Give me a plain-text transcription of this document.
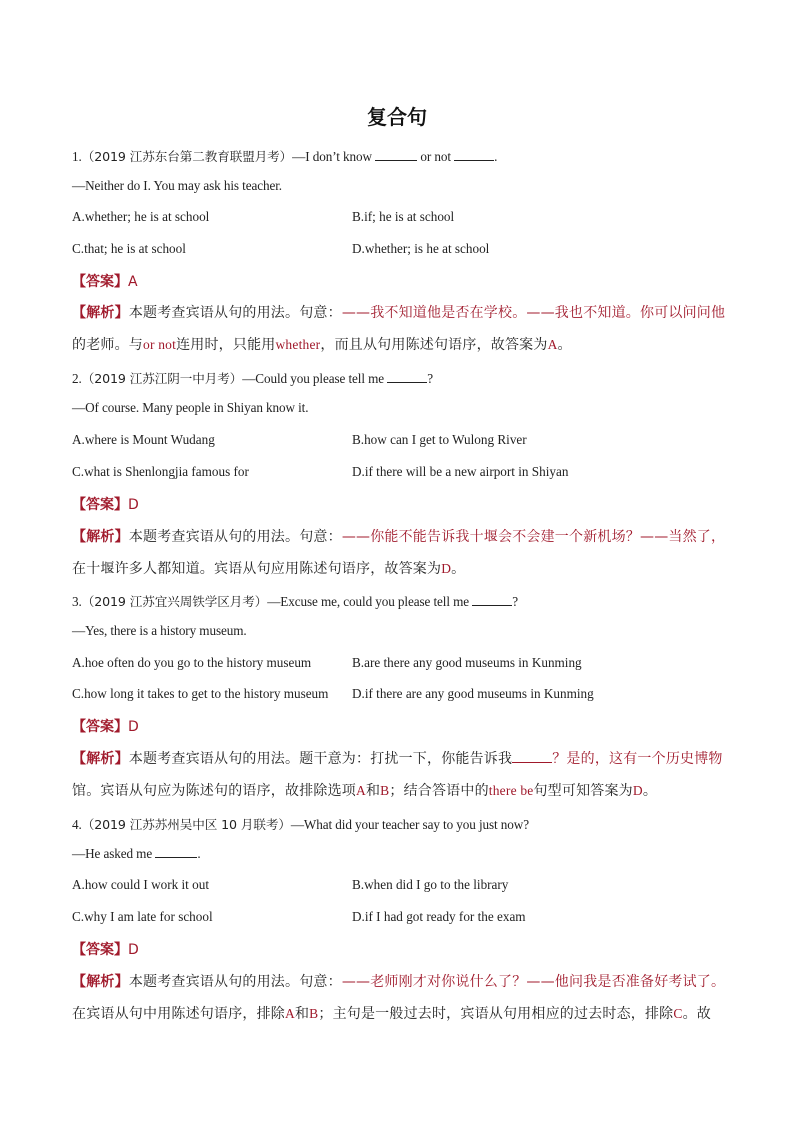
复合句
1.（2019 江苏东台第二教育联盟月考）—I don’t know	or not	.
—Neither do I. You may ask his teacher.
A.whether; he is at school	B.if; he is at school
C.that; he is at school	D.whether; is he at school
【答案】A
【解析】本题考查宾语从句的用法。句意：——我不知道他是否在学校。——我也不知道。你可以问问他
的老师。与or not连用时，只能用whether，而且从句用陈述句语序，故答案为A。
2.（2019 江苏江阴一中月考）—Could you please tell me	?
—Of course. Many people in Shiyan know it.
A.where is Mount Wudang	B.how can I get to Wulong River
C.what is Shenlongjia famous for	D.if there will be a new airport in Shiyan
【答案】D
【解析】本题考查宾语从句的用法。句意：——你能不能告诉我十堰会不会建一个新机场？——当然了，
在十堰许多人都知道。宾语从句应用陈述句语序，故答案为D。
3.（2019 江苏宜兴周铁学区月考）—Excuse me, could you please tell me	?
—Yes, there is a history museum.
A.hoe often do you go to the history museum	B.are there any good museums in Kunming
C.how long it takes to get to the history museum D.if there are any good museums in Kunming
【答案】D
【解析】本题考查宾语从句的用法。题干意为：打扰一下，你能告诉我	？是的，这有一个历史博物
馆。宾语从句应为陈述句的语序，故排除选项A和B；结合答语中的there be句型可知答案为D。
4.（2019 江苏苏州吴中区 10 月联考）—What did your teacher say to you just now?
—He asked me	.
A.how could I work it out	B.when did I go to the library
C.why I am late for school	D.if I had got ready for the exam
【答案】D
【解析】本题考查宾语从句的用法。句意：——老师刚才对你说什么了？——他问我是否准备好考试了。
在宾语从句中用陈述句语序，排除A和B；主句是一般过去时，宾语从句用相应的过去时态，排除C。故
